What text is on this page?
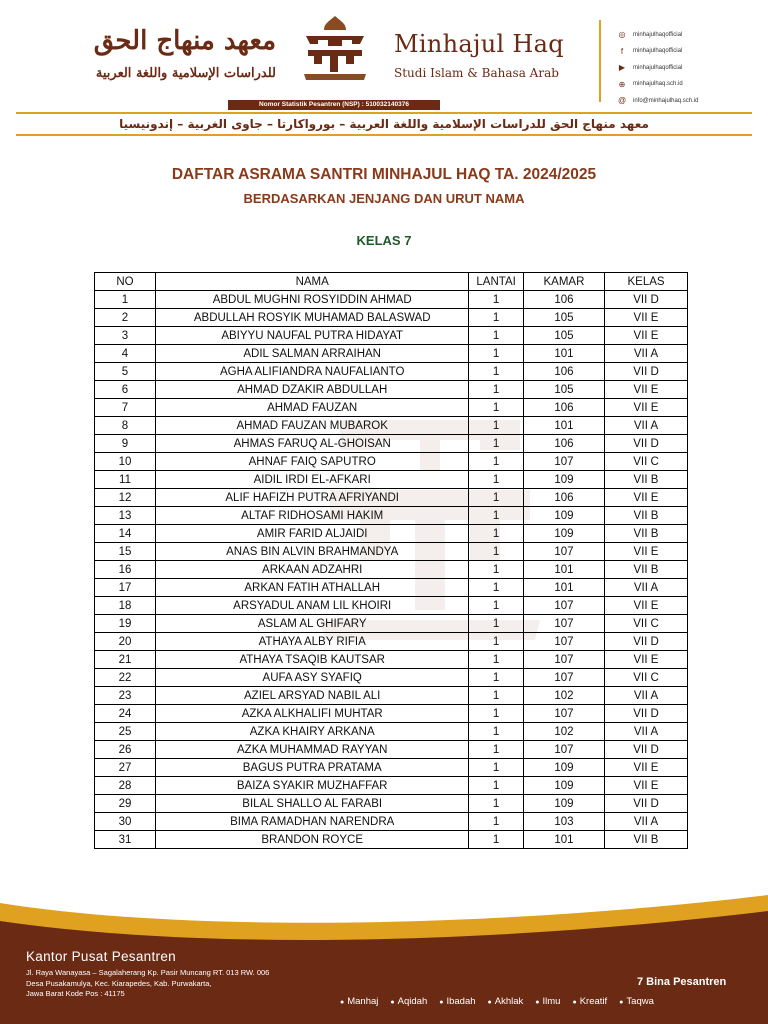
معهد منهاج الحق
للدراسات الإسلامية واللغة العربية
Minhajul Haq
Studi Islam & Bahasa Arab
◎ minhajulhaqofficial
f	minhajulhaqofficial
▶	minhajulhaqofficial
⊕ minhajulhaq.sch.id
@ info@minhajulhaq.sch.id
Nomor Statistik Pesantren (NSP) : 510032140376
معهد منهاج الحق للدراسات الإسلامية واللغة العربية – بورواكارتا – جاوى الغربية – إندونيسيا
DAFTAR ASRAMA SANTRI MINHAJUL HAQ TA. 2024/2025
BERDASARKAN JENJANG DAN URUT NAMA
KELAS 7
NO	NAMA	LANTAI	KAMAR	KELAS
1	ABDUL MUGHNI ROSYIDDIN AHMAD	1	106	VII D
2	ABDULLAH ROSYIK MUHAMAD BALASWAD	1	105	VII E
3	ABIYYU NAUFAL PUTRA HIDAYAT	1	105	VII E
4	ADIL SALMAN ARRAIHAN	1	101	VII A
5	AGHA ALIFIANDRA NAUFALIANTO	1	106	VII D
6	AHMAD DZAKIR ABDULLAH	1	105	VII E
7	AHMAD FAUZAN	1	106	VII E
8	AHMAD FAUZAN MUBAROK	1	101	VII A
9	AHMAS FARUQ AL-GHOISAN	1	106	VII D
10	AHNAF FAIQ SAPUTRO	1	107	VII C
11	AIDIL IRDI EL-AFKARI	1	109	VII B
12	ALIF HAFIZH PUTRA AFRIYANDI	1	106	VII E
13	ALTAF RIDHOSAMI HAKIM	1	109	VII B
14	AMIR FARID ALJAIDI	1	109	VII B
15	ANAS BIN ALVIN BRAHMANDYA	1	107	VII E
16	ARKAAN ADZAHRI	1	101	VII B
17	ARKAN FATIH ATHALLAH	1	101	VII A
18	ARSYADUL ANAM LIL KHOIRI	1	107	VII E
19	ASLAM AL GHIFARY	1	107	VII C
20	ATHAYA ALBY RIFIA	1	107	VII D
21	ATHAYA TSAQIB KAUTSAR	1	107	VII E
22	AUFA ASY SYAFIQ	1	107	VII C
23	AZIEL ARSYAD NABIL ALI	1	102	VII A
24	AZKA ALKHALIFI MUHTAR	1	107	VII D
25	AZKA KHAIRY ARKANA	1	102	VII A
26	AZKA MUHAMMAD RAYYAN	1	107	VII D
27	BAGUS PUTRA PRATAMA	1	109	VII E
28	BAIZA SYAKIR MUZHAFFAR	1	109	VII E
29	BILAL SHALLO AL FARABI	1	109	VII D
30	BIMA RAMADHAN NARENDRA	1	103	VII A
31	BRANDON ROYCE	1	101	VII B
Kantor Pusat Pesantren
Jl. Raya Wanayasa – Sagalaherang Kp. Pasir Muncang RT. 013 RW. 006
Desa Pusakamulya, Kec. Kiarapedes, Kab. Purwakarta,
Jawa Barat Kode Pos : 41175
7 Bina Pesantren
● Manhaj	● Aqidah	● Ibadah	● Akhlak	● Ilmu	● Kreatif	● Taqwa
